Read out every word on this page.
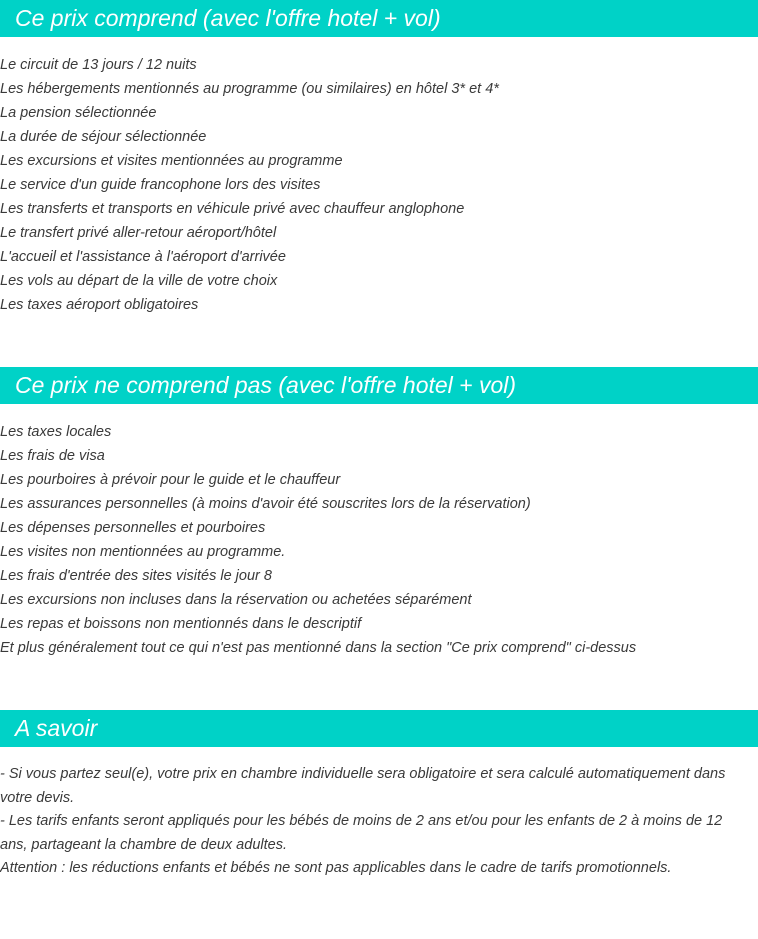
Ce prix comprend (avec l'offre hotel + vol)
Le circuit de 13 jours / 12 nuits
Les hébergements mentionnés au programme (ou similaires) en hôtel 3* et 4*
La pension sélectionnée
La durée de séjour sélectionnée
Les excursions et visites mentionnées au programme
Le service d'un guide francophone lors des visites
Les transferts et transports en véhicule privé avec chauffeur anglophone
Le transfert privé aller-retour aéroport/hôtel
L'accueil et l'assistance à l'aéroport d'arrivée
Les vols au départ de la ville de votre choix
Les taxes aéroport obligatoires
Ce prix ne comprend pas (avec l'offre hotel + vol)
Les taxes locales
Les frais de visa
Les pourboires à prévoir pour le guide et le chauffeur
Les assurances personnelles (à moins d'avoir été souscrites lors de la réservation)
Les dépenses personnelles et pourboires
Les visites non mentionnées au programme.
Les frais d'entrée des sites visités le jour 8
Les excursions non incluses dans la réservation ou achetées séparément
Les repas et boissons non mentionnés dans le descriptif
Et plus généralement tout ce qui n'est pas mentionné dans la section "Ce prix comprend" ci-dessus
A savoir

- Si vous partez seul(e), votre prix en chambre individuelle sera obligatoire et sera calculé automatiquement dans votre devis.

- Les tarifs enfants seront appliqués pour les bébés de moins de 2 ans et/ou pour les enfants de 2 à moins de 12 ans, partageant la chambre de deux adultes.

Attention : les réductions enfants et bébés ne sont pas applicables dans le cadre de tarifs promotionnels.
